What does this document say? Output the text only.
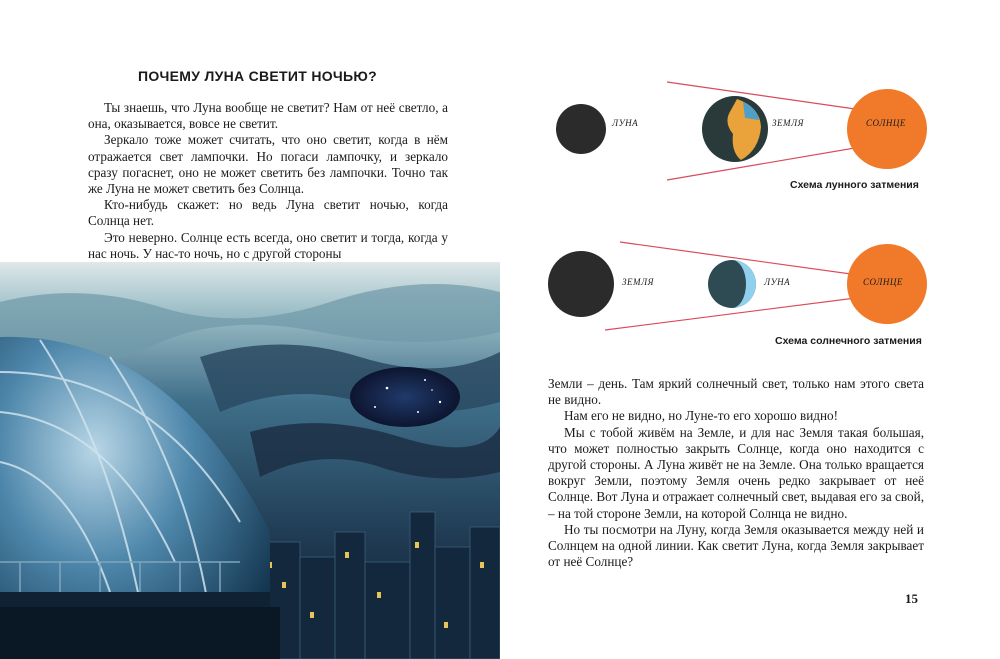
ПОЧЕМУ ЛУНА СВЕТИТ НОЧЬЮ?

Ты знаешь, что Луна вообще не светит? Нам от неё светло, а она, оказывается, вовсе не светит.

Зеркало тоже может считать, что оно светит, когда в нём отражается свет лампочки. Но погаси лампочку, и зеркало сразу погаснет, оно не может светить без лампочки. Точно так же Луна не может светить без Солнца.

Кто-нибудь скажет: но ведь Луна светит ночью, когда Солнца нет.

Это неверно. Солнце есть всегда, оно светит и тогда, когда у нас ночь. У нас-то ночь, но с другой стороны

ЛУНА	ЗЕМЛЯ	СОЛНЦЕ
Схема лунного затмения
ЗЕМЛЯ	ЛУНА	СОЛНЦЕ
Схема солнечного затмения

Земли – день. Там яркий солнечный свет, только нам этого света не видно.

Нам его не видно, но Луне-то его хорошо видно!

Мы с тобой живём на Земле, и для нас Земля такая большая, что может полностью закрыть Солнце, когда оно находится с другой стороны. А Луна живёт не на Земле. Она только вращается вокруг Земли, поэтому Земля очень редко закрывает от неё Солнце. Вот Луна и отражает солнечный свет, выдавая его за свой, – на той стороне Земли, на которой Солнца не видно.

Но ты посмотри на Луну, когда Земля оказывается между ней и Солнцем на одной линии. Как светит Луна, когда Земля закрывает от неё Солнце?

15
